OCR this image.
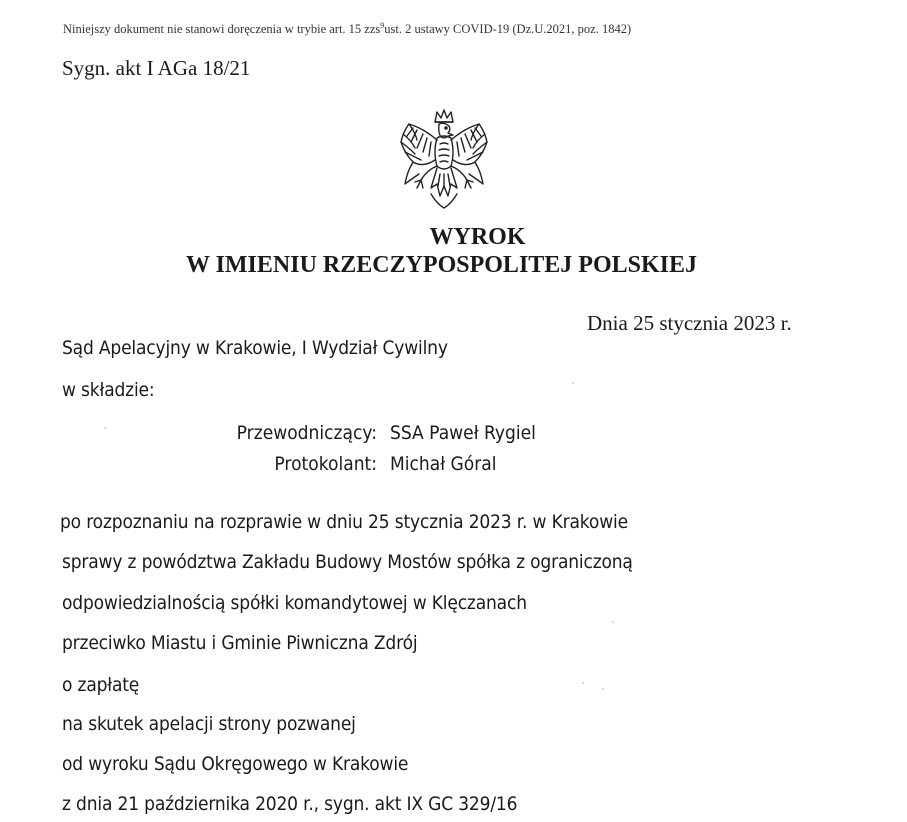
Niniejszy dokument nie stanowi doręczenia w trybie art. 15 zzs$^9$ust. 2 ustawy COVID-19 (Dz.U.2021, poz. 1842)
Sygn. akt I AGa 18/21
WYROK
W IMIENIU RZECZYPOSPOLITEJ POLSKIEJ
Dnia 25 stycznia 2023 r.
Sąd Apelacyjny w Krakowie, I Wydział Cywilny
w składzie:
Przewodniczący: SSA Paweł Rygiel
Protokolant: Michał Góral
po rozpoznaniu na rozprawie w dniu 25 stycznia 2023 r. w Krakowie
sprawy z powództwa Zakładu Budowy Mostów spółka z ograniczoną
odpowiedzialnością spółki komandytowej w Klęczanach
przeciwko Miastu i Gminie Piwniczna Zdrój
o zapłatę
na skutek apelacji strony pozwanej
od wyroku Sądu Okręgowego w Krakowie
z dnia 21 października 2020 r., sygn. akt IX GC 329/16
